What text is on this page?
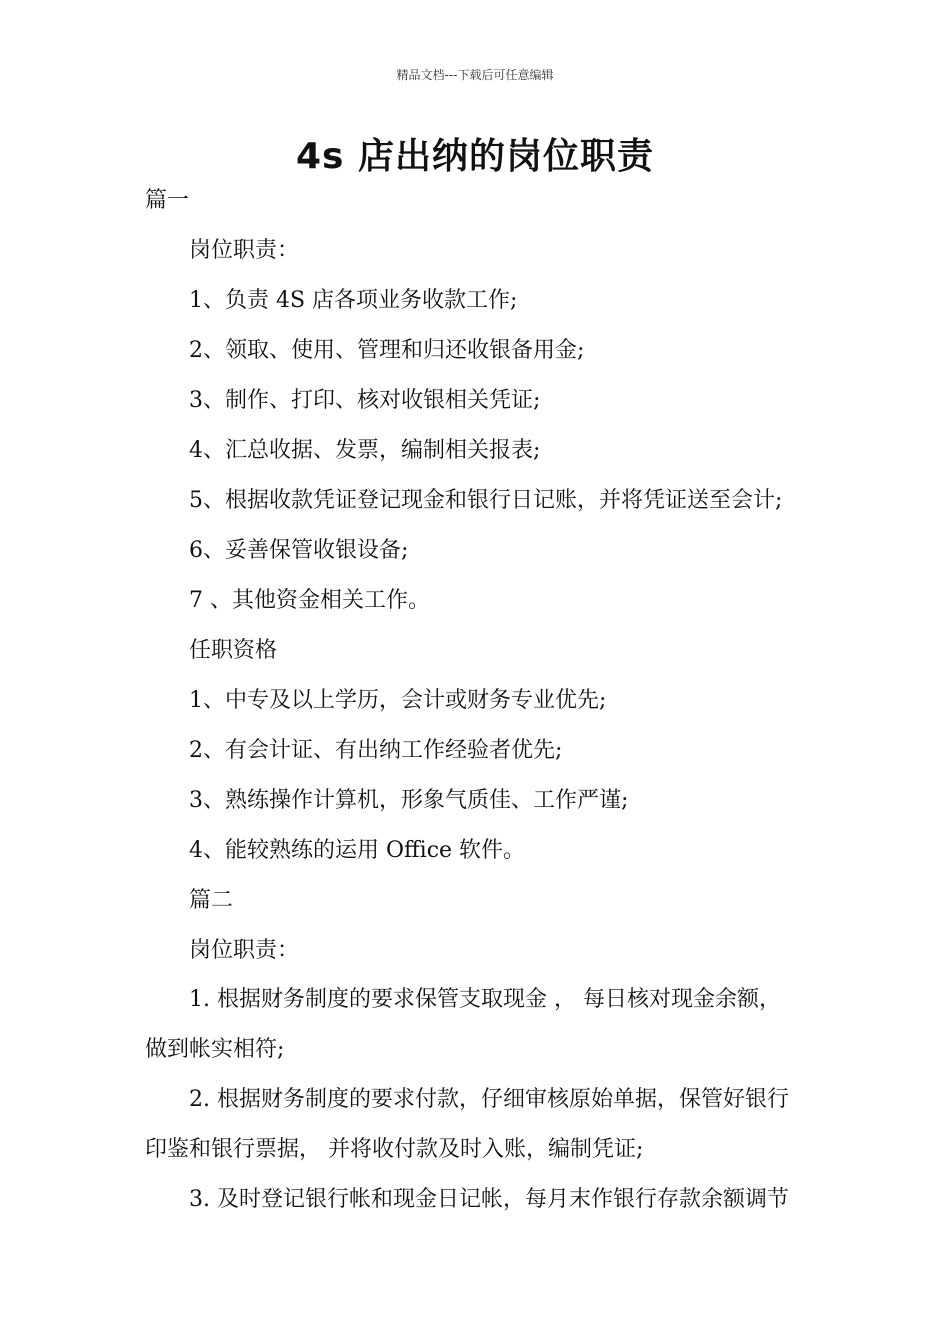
精品文档---下载后可任意编辑
4s 店出纳的岗位职责
篇一
岗位职责：
1、负责 4S 店各项业务收款工作;
2、领取、使用、管理和归还收银备用金;
3、制作、打印、核对收银相关凭证;
4、汇总收据、发票，编制相关报表;
5、根据收款凭证登记现金和银行日记账，并将凭证送至会计;
6、妥善保管收银设备;
7 、其他资金相关工作。
任职资格
1、中专及以上学历，会计或财务专业优先;
2、有会计证、有出纳工作经验者优先;
3、熟练操作计算机，形象气质佳、工作严谨;
4、能较熟练的运用 Office 软件。
篇二
岗位职责：
1. 根据财务制度的要求保管支取现金 ， 每日核对现金余额，
做到帐实相符;
2. 根据财务制度的要求付款，仔细审核原始单据，保管好银行
印鉴和银行票据， 并将收付款及时入账，编制凭证;
3. 及时登记银行帐和现金日记帐，每月末作银行存款余额调节
